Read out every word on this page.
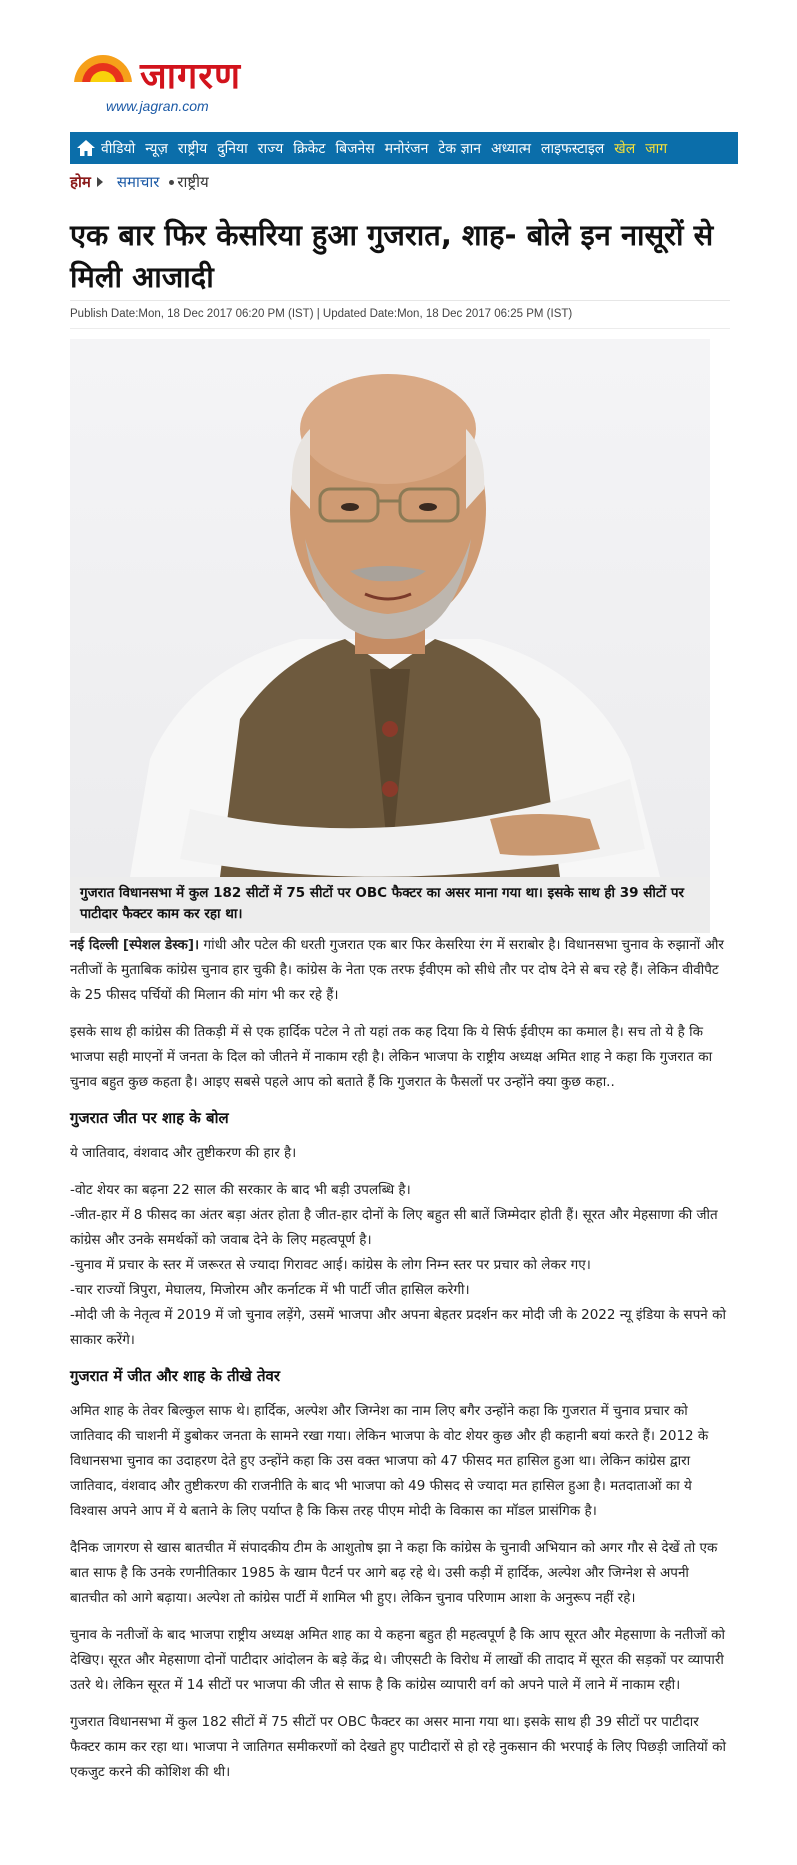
जागरण
www.jagran.com
वीडियो न्यूज़ राष्ट्रीय दुनिया राज्य क्रिकेट बिजनेस मनोरंजन टेक ज्ञान अध्यात्म लाइफस्टाइल खेल जाग
होम समाचार राष्ट्रीय
एक बार फिर केसरिया हुआ गुजरात, शाह- बोले इन नासूरों से मिली आजादी
Publish Date:Mon, 18 Dec 2017 06:20 PM (IST) | Updated Date:Mon, 18 Dec 2017 06:25 PM (IST)
गुजरात विधानसभा में कुल 182 सीटों में 75 सीटों पर OBC फैक्टर का असर माना गया था। इसके साथ ही 39 सीटों पर पाटीदार फैक्टर काम कर रहा था।

नई दिल्ली [स्पेशल डेस्क]। गांधी और पटेल की धरती गुजरात एक बार फिर केसरिया रंग में सराबोर है। विधानसभा चुनाव के रुझानों और नतीजों के मुताबिक कांग्रेस चुनाव हार चुकी है। कांग्रेस के नेता एक तरफ ईवीएम को सीधे तौर पर दोष देने से बच रहे हैं। लेकिन वीवीपैट के 25 फीसद पर्चियों की मिलान की मांग भी कर रहे हैं।

इसके साथ ही कांग्रेस की तिकड़ी में से एक हार्दिक पटेल ने तो यहां तक कह दिया कि ये सिर्फ ईवीएम का कमाल है। सच तो ये है कि भाजपा सही माएनों में जनता के दिल को जीतने में नाकाम रही है। लेकिन भाजपा के राष्ट्रीय अध्यक्ष अमित शाह ने कहा कि गुजरात का चुनाव बहुत कुछ कहता है। आइए सबसे पहले आप को बताते हैं कि गुजरात के फैसलों पर उन्होंने क्या कुछ कहा..

गुजरात जीत पर शाह के बोल

ये जातिवाद, वंशवाद और तुष्टीकरण की हार है।

-वोट शेयर का बढ़ना 22 साल की सरकार के बाद भी बड़ी उपलब्धि है।

-जीत-हार में 8 फीसद का अंतर बड़ा अंतर होता है जीत-हार दोनों के लिए बहुत सी बातें जिम्मेदार होती हैं। सूरत और मेहसाणा की जीत कांग्रेस और उनके समर्थकों को जवाब देने के लिए महत्वपूर्ण है।

-चुनाव में प्रचार के स्तर में जरूरत से ज्यादा गिरावट आई। कांग्रेस के लोग निम्न स्तर पर प्रचार को लेकर गए।

-चार राज्यों त्रिपुरा, मेघालय, मिजोरम और कर्नाटक में भी पार्टी जीत हासिल करेगी।

-मोदी जी के नेतृत्व में 2019 में जो चुनाव लड़ेंगे, उसमें भाजपा और अपना बेहतर प्रदर्शन कर मोदी जी के 2022 न्यू इंडिया के सपने को साकार करेंगे।

गुजरात में जीत और शाह के तीखे तेवर

अमित शाह के तेवर बिल्कुल साफ थे। हार्दिक, अल्पेश और जिग्नेश का नाम लिए बगैर उन्होंने कहा कि गुजरात में चुनाव प्रचार को जातिवाद की चाशनी में डुबोकर जनता के सामने रखा गया। लेकिन भाजपा के वोट शेयर कुछ और ही कहानी बयां करते हैं। 2012 के विधानसभा चुनाव का उदाहरण देते हुए उन्होंने कहा कि उस वक्त भाजपा को 47 फीसद मत हासिल हुआ था। लेकिन कांग्रेस द्वारा जातिवाद, वंशवाद और तुष्टीकरण की राजनीति के बाद भी भाजपा को 49 फीसद से ज्यादा मत हासिल हुआ है। मतदाताओं का ये विश्वास अपने आप में ये बताने के लिए पर्याप्त है कि किस तरह पीएम मोदी के विकास का मॉडल प्रासंगिक है।

दैनिक जागरण से खास बातचीत में संपादकीय टीम के आशुतोष झा ने कहा कि कांग्रेस के चुनावी अभियान को अगर गौर से देखें तो एक बात साफ है कि उनके रणनीतिकार 1985 के खाम पैटर्न पर आगे बढ़ रहे थे। उसी कड़ी में हार्दिक, अल्पेश और जिग्नेश से अपनी बातचीत को आगे बढ़ाया। अल्पेश तो कांग्रेस पार्टी में शामिल भी हुए। लेकिन चुनाव परिणाम आशा के अनुरूप नहीं रहे।

चुनाव के नतीजों के बाद भाजपा राष्ट्रीय अध्यक्ष अमित शाह का ये कहना बहुत ही महत्वपूर्ण है कि आप सूरत और मेहसाणा के नतीजों को देखिए। सूरत और मेहसाणा दोनों पाटीदार आंदोलन के बड़े केंद्र थे। जीएसटी के विरोध में लाखों की तादाद में सूरत की सड़कों पर व्यापारी उतरे थे। लेकिन सूरत में 14 सीटों पर भाजपा की जीत से साफ है कि कांग्रेस व्यापारी वर्ग को अपने पाले में लाने में नाकाम रही।

गुजरात विधानसभा में कुल 182 सीटों में 75 सीटों पर OBC फैक्टर का असर माना गया था। इसके साथ ही 39 सीटों पर पाटीदार फैक्टर काम कर रहा था। भाजपा ने जातिगत समीकरणों को देखते हुए पाटीदारों से हो रहे नुकसान की भरपाई के लिए पिछड़ी जातियों को एकजुट करने की कोशिश की थी।
